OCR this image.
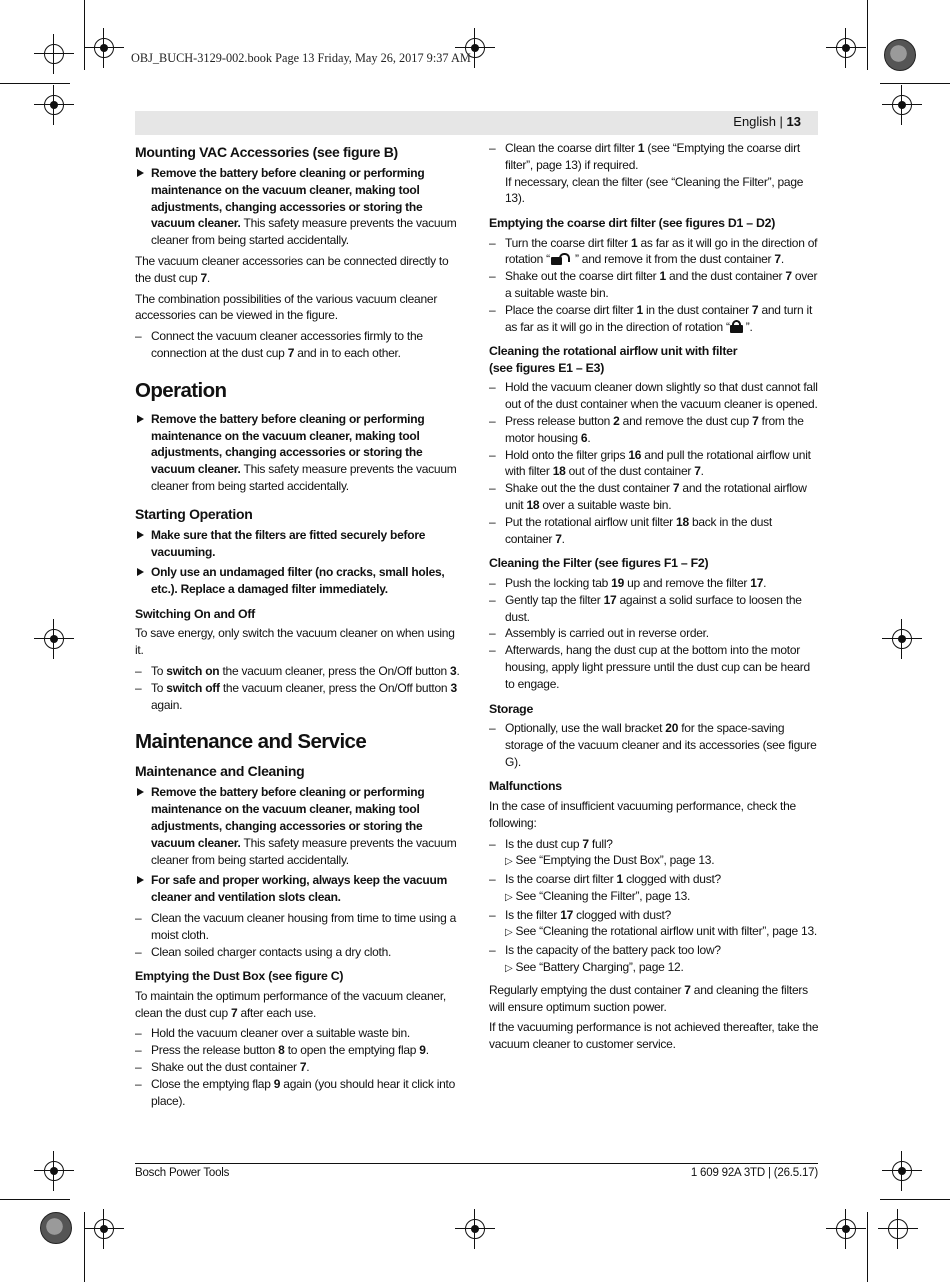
OBJ_BUCH-3129-002.book Page 13 Friday, May 26, 2017 9:37 AM
English | 13
Mounting VAC Accessories (see figure B)
Remove the battery before cleaning or performing maintenance on the vacuum cleaner, making tool adjustments, changing accessories or storing the vacuum cleaner. This safety measure prevents the vacuum cleaner from being started accidentally.

The vacuum cleaner accessories can be connected directly to the dust cup 7.

The combination possibilities of the various vacuum cleaner accessories can be viewed in the figure.

– Connect the vacuum cleaner accessories firmly to the connection at the dust cup 7 and in to each other.
Operation
Remove the battery before cleaning or performing maintenance on the vacuum cleaner, making tool adjustments, changing accessories or storing the vacuum cleaner. This safety measure prevents the vacuum cleaner from being started accidentally.
Starting Operation
Make sure that the filters are fitted securely before vacuuming.
Only use an undamaged filter (no cracks, small holes, etc.). Replace a damaged filter immediately.
Switching On and Off

To save energy, only switch the vacuum cleaner on when using it.

– To switch on the vacuum cleaner, press the On/Off button 3.
– To switch off the vacuum cleaner, press the On/Off button 3 again.
Maintenance and Service
Maintenance and Cleaning
Remove the battery before cleaning or performing maintenance on the vacuum cleaner, making tool adjustments, changing accessories or storing the vacuum cleaner. This safety measure prevents the vacuum cleaner from being started accidentally.
For safe and proper working, always keep the vacuum cleaner and ventilation slots clean.
– Clean the vacuum cleaner housing from time to time using a moist cloth.
– Clean soiled charger contacts using a dry cloth.
Emptying the Dust Box (see figure C)

To maintain the optimum performance of the vacuum cleaner, clean the dust cup 7 after each use.

– Hold the vacuum cleaner over a suitable waste bin.
– Press the release button 8 to open the emptying flap 9.
– Shake out the dust container 7.
– Close the emptying flap 9 again (you should hear it click into place).
– Clean the coarse dirt filter 1 (see “Emptying the coarse dirt filter”, page 13) if required.
If necessary, clean the filter (see “Cleaning the Filter”, page 13).
Emptying the coarse dirt filter (see figures D1 – D2)
– Turn the coarse dirt filter 1 as far as it will go in the direction of rotation “
” and remove it from the dust container 7.
– Shake out the coarse dirt filter 1 and the dust container 7 over a suitable waste bin.
– Place the coarse dirt filter 1 in the dust container 7 and turn it as far as it will go in the direction of rotation “
”.
Cleaning the rotational airflow unit with filter
(see figures E1 – E3)
– Hold the vacuum cleaner down slightly so that dust cannot fall out of the dust container when the vacuum cleaner is opened.
– Press release button 2 and remove the dust cup 7 from the motor housing 6.
– Hold onto the filter grips 16 and pull the rotational airflow unit with filter 18 out of the dust container 7.
– Shake out the the dust container 7 and the rotational airflow unit 18 over a suitable waste bin.
– Put the rotational airflow unit filter 18 back in the dust container 7.
Cleaning the Filter (see figures F1 – F2)
– Push the locking tab 19 up and remove the filter 17.
– Gently tap the filter 17 against a solid surface to loosen the dust.
– Assembly is carried out in reverse order.
– Afterwards, hang the dust cup at the bottom into the motor housing, apply light pressure until the dust cup can be heard to engage.
Storage
– Optionally, use the wall bracket 20 for the space-saving storage of the vacuum cleaner and its accessories (see figure G).
Malfunctions

In the case of insufficient vacuuming performance, check the following:

– Is the dust cup 7 full?
▷ See “Emptying the Dust Box”, page 13.
– Is the coarse dirt filter 1 clogged with dust?
▷ See “Cleaning the Filter”, page 13.
– Is the filter 17 clogged with dust?
▷ See “Cleaning the rotational airflow unit with filter”, page 13.
– Is the capacity of the battery pack too low?
▷ See “Battery Charging”, page 12.

Regularly emptying the dust container 7 and cleaning the filters will ensure optimum suction power.

If the vacuuming performance is not achieved thereafter, take the vacuum cleaner to customer service.

Bosch Power Tools	1 609 92A 3TD | (26.5.17)
